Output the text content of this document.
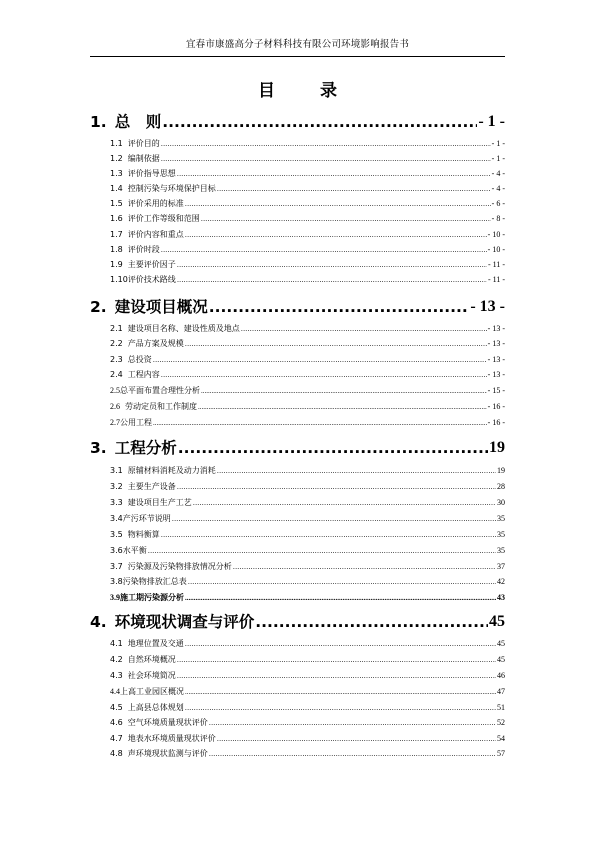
宜春市康盛高分子材料科技有限公司环境影响报告书
目　录
1. 总　则 .....	- 1 -
1.1 评价目的 .....	- 1 -
1.2 编制依据 .....	- 1 -
1.3 评价指导思想 .....	- 4 -
1.4 控制污染与环境保护目标 .....	- 4 -
1.5 评价采用的标准 .....	- 6 -
1.6 评价工作等级和范围 .....	- 8 -
1.7 评价内容和重点 .....	- 10 -
1.8 评价时段 .....	- 10 -
1.9 主要评价因子 .....	- 11 -
1.10 评价技术路线 .....	- 11 -
2. 建设项目概况 .....	- 13 -
2.1 建设项目名称、建设性质及地点 .....	- 13 -
2.2 产品方案及规模 .....	- 13 -
2.3 总投资 .....	- 13 -
2.4 工程内容 .....	- 13 -
2.5 总平面布置合理性分析 .....	- 15 -
2.6 劳动定员和工作制度 .....	- 16 -
2.7 公用工程 .....	- 16 -
3. 工程分析 .....	19
3.1 原辅材料消耗及动力消耗 .....	19
3.2 主要生产设备 .....	28
3.3 建设项目生产工艺 .....	30
3.4 产污环节说明 .....	35
3.5 物料衡算 .....	35
3.6 水平衡 .....	35
3.7 污染源及污染物排放情况分析 .....	37
3.8 污染物排放汇总表 .....	42
3.9 施工期污染源分析 .....	43
4. 环境现状调查与评价 .....	45
4.1 地理位置及交通 .....	45
4.2 自然环境概况 .....	45
4.3 社会环境简况 .....	46
4.4 上高工业园区概况 .....	47
4.5 上高县总体规划 .....	51
4.6 空气环境质量现状评价 .....	52
4.7 地表水环境质量现状评价 .....	54
4.8 声环境现状监测与评价 .....	57
